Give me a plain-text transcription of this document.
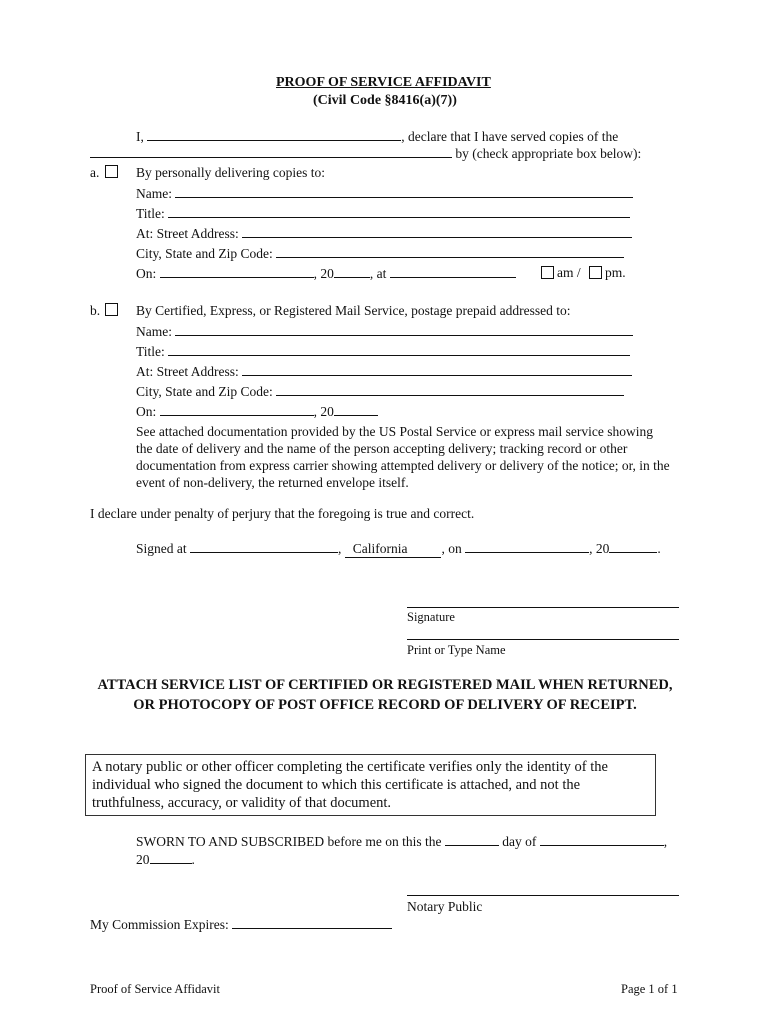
PROOF OF SERVICE AFFIDAVIT
(Civil Code §8416(a)(7))
I,	, declare that I have served copies of the
by (check appropriate box below):
a.	By personally delivering copies to:
Name:
Title:
At: Street Address:
City, State and Zip Code:
On:	, 20	, at	am / pm.
b.	By Certified, Express, or Registered Mail Service, postage prepaid addressed to:
Name:
Title:
At: Street Address:
City, State and Zip Code:
On:	, 20
See attached documentation provided by the US Postal Service or express mail service showing the date of delivery and the name of the person accepting delivery; tracking record or other documentation from express carrier showing attempted delivery or delivery of the notice; or, in the event of non-delivery, the returned envelope itself.
I declare under penalty of perjury that the foregoing is true and correct.
Signed at	, California	, on	, 20	.
Signature
Print or Type Name
ATTACH SERVICE LIST OF CERTIFIED OR REGISTERED MAIL WHEN RETURNED, OR PHOTOCOPY OF POST OFFICE RECORD OF DELIVERY OF RECEIPT.
A notary public or other officer completing the certificate verifies only the identity of the individual who signed the document to which this certificate is attached, and not the truthfulness, accuracy, or validity of that document.
SWORN TO AND SUBSCRIBED before me on this the	day of	,
20	.
Notary Public
My Commission Expires:
Proof of Service Affidavit	Page 1 of 1
